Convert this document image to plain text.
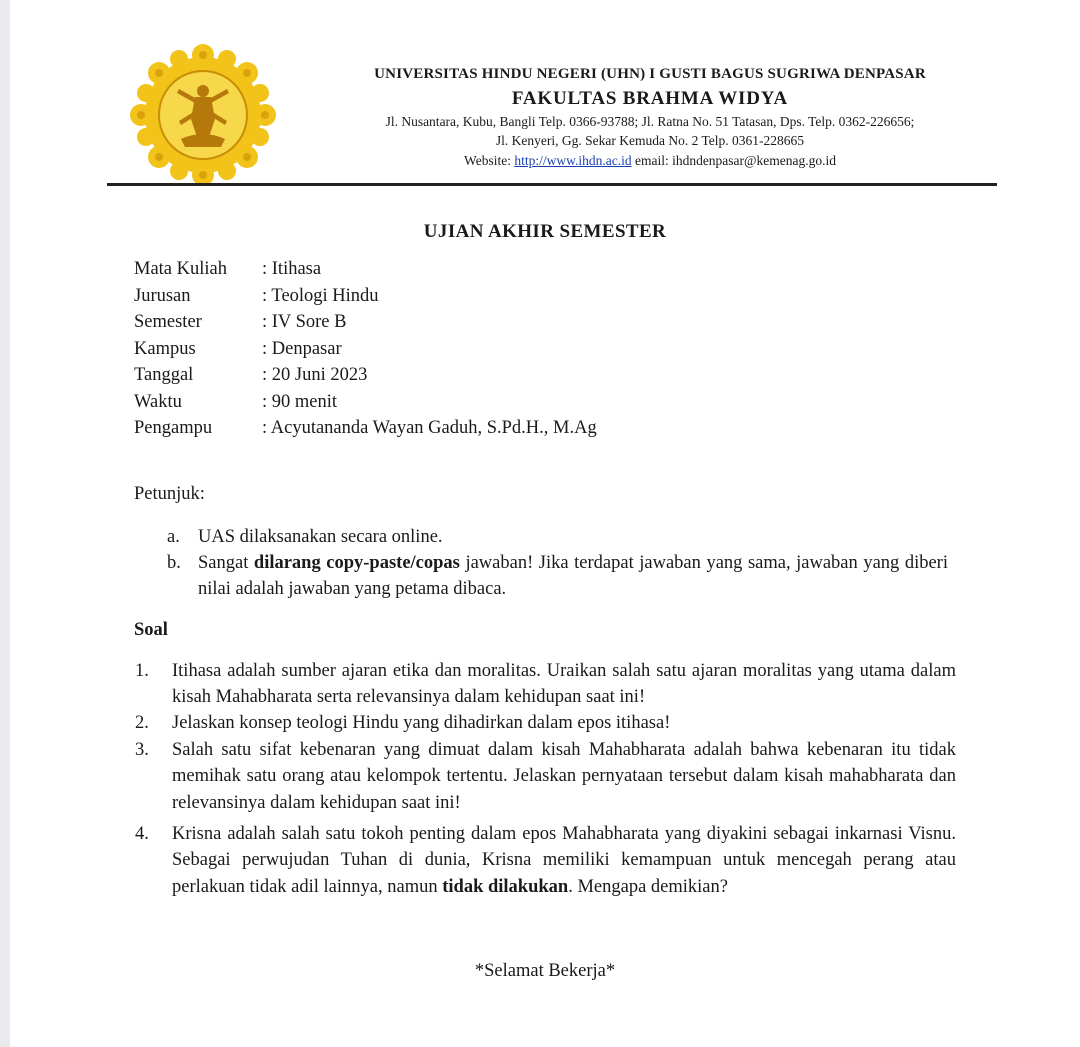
UNIVERSITAS HINDU NEGERI (UHN) I GUSTI BAGUS SUGRIWA DENPASAR
FAKULTAS BRAHMA WIDYA
Jl. Nusantara, Kubu, Bangli Telp. 0366-93788; Jl. Ratna No. 51 Tatasan, Dps. Telp. 0362-226656;
Jl. Kenyeri, Gg. Sekar Kemuda No. 2 Telp. 0361-228665
Website: http://www.ihdn.ac.id email: ihdndenpasar@kemenag.go.id
UJIAN AKHIR SEMESTER
Mata Kuliah	: Itihasa
Jurusan	: Teologi Hindu
Semester	: IV Sore B
Kampus	: Denpasar
Tanggal	: 20 Juni 2023
Waktu	: 90 menit
Pengampu	: Acyutananda Wayan Gaduh, S.Pd.H., M.Ag
Petunjuk:
a. UAS dilaksanakan secara online.
b. Sangat dilarang copy-paste/copas jawaban! Jika terdapat jawaban yang sama, jawaban yang diberi nilai adalah jawaban yang petama dibaca.
Soal
1. Itihasa adalah sumber ajaran etika dan moralitas. Uraikan salah satu ajaran moralitas yang utama dalam kisah Mahabharata serta relevansinya dalam kehidupan saat ini!
2. Jelaskan konsep teologi Hindu yang dihadirkan dalam epos itihasa!
3. Salah satu sifat kebenaran yang dimuat dalam kisah Mahabharata adalah bahwa kebenaran itu tidak memihak satu orang atau kelompok tertentu. Jelaskan pernyataan tersebut dalam kisah mahabharata dan relevansinya dalam kehidupan saat ini!
4. Krisna adalah salah satu tokoh penting dalam epos Mahabharata yang diyakini sebagai inkarnasi Visnu. Sebagai perwujudan Tuhan di dunia, Krisna memiliki kemampuan untuk mencegah perang atau perlakuan tidak adil lainnya, namun tidak dilakukan. Mengapa demikian?
*Selamat Bekerja*
